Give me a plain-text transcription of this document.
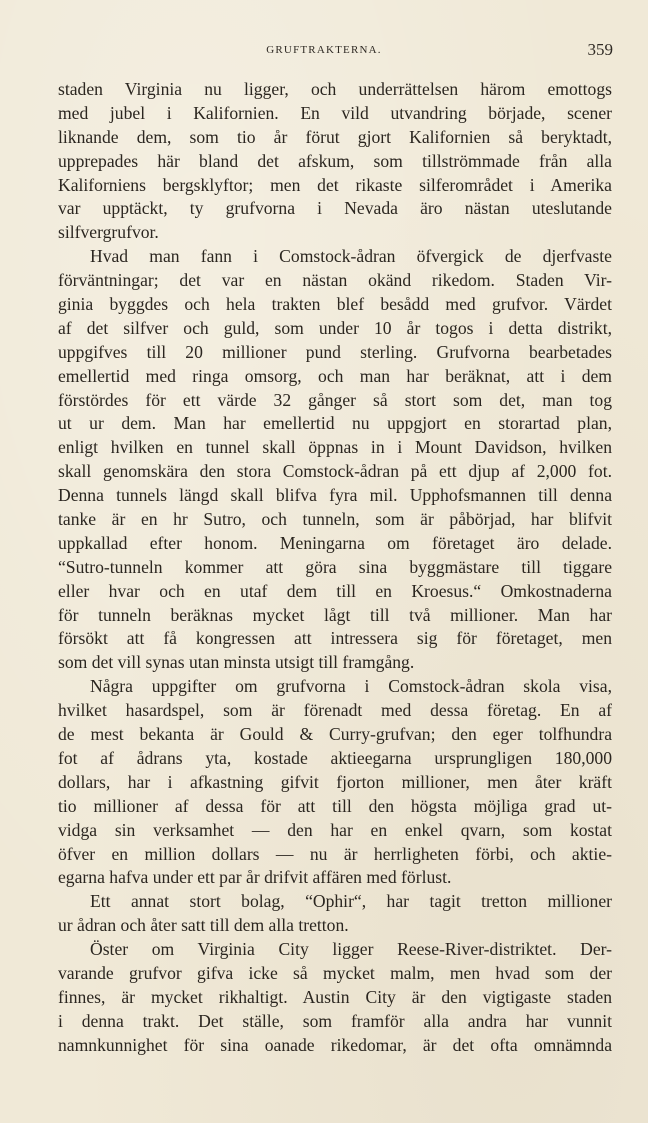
GRUFTRAKTERNA.	359
staden Virginia nu ligger, och underrättelsen härom emottogs
med jubel i Kalifornien. En vild utvandring började, scener
liknande dem, som tio år förut gjort Kalifornien så beryktadt,
upprepades här bland det afskum, som tillströmmade från alla
Kaliforniens bergsklyftor; men det rikaste silferområdet i Amerika
var upptäckt, ty grufvorna i Nevada äro nästan uteslutande
silfvergrufvor.
Hvad man fann i Comstock-ådran öfvergick de djerfvaste
förväntningar; det var en nästan okänd rikedom. Staden Vir-
ginia byggdes och hela trakten blef besådd med grufvor. Värdet
af det silfver och guld, som under 10 år togos i detta distrikt,
uppgifves till 20 millioner pund sterling. Grufvorna bearbetades
emellertid med ringa omsorg, och man har beräknat, att i dem
förstördes för ett värde 32 gånger så stort som det, man tog
ut ur dem. Man har emellertid nu uppgjort en storartad plan,
enligt hvilken en tunnel skall öppnas in i Mount Davidson, hvilken
skall genomskära den stora Comstock-ådran på ett djup af 2,000 fot.
Denna tunnels längd skall blifva fyra mil. Upphofsmannen till denna
tanke är en hr Sutro, och tunneln, som är påbörjad, har blifvit
uppkallad efter honom. Meningarna om företaget äro delade.
“Sutro-tunneln kommer att göra sina byggmästare till tiggare
eller hvar och en utaf dem till en Kroesus.“ Omkostnaderna
för tunneln beräknas mycket lågt till två millioner. Man har
försökt att få kongressen att intressera sig för företaget, men
som det vill synas utan minsta utsigt till framgång.
Några uppgifter om grufvorna i Comstock-ådran skola visa,
hvilket hasardspel, som är förenadt med dessa företag. En af
de mest bekanta är Gould & Curry-grufvan; den eger tolfhundra
fot af ådrans yta, kostade aktieegarna ursprungligen 180,000
dollars, har i afkastning gifvit fjorton millioner, men åter kräft
tio millioner af dessa för att till den högsta möjliga grad ut-
vidga sin verksamhet — den har en enkel qvarn, som kostat
öfver en million dollars — nu är herrligheten förbi, och aktie-
egarna hafva under ett par år drifvit affären med förlust.
Ett annat stort bolag, “Ophir“, har tagit tretton millioner
ur ådran och åter satt till dem alla tretton.
Öster om Virginia City ligger Reese-River-distriktet. Der-
varande grufvor gifva icke så mycket malm, men hvad som der
finnes, är mycket rikhaltigt. Austin City är den vigtigaste staden
i denna trakt. Det ställe, som framför alla andra har vunnit
namnkunnighet för sina oanade rikedomar, är det ofta omnämnda
